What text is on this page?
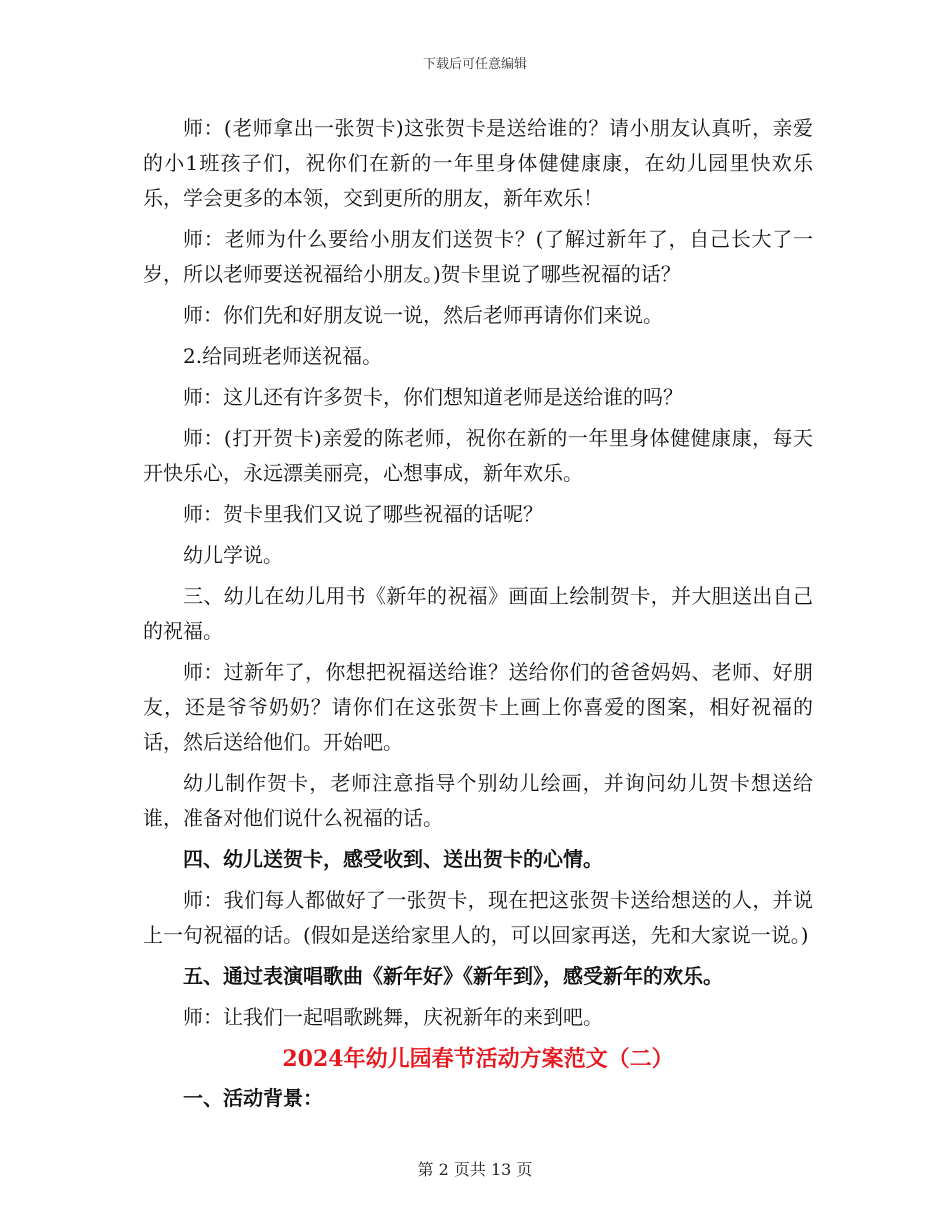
下载后可任意编辑

师：(老师拿出一张贺卡)这张贺卡是送给谁的？请小朋友认真听，亲爱的小1班孩子们，祝你们在新的一年里身体健健康康，在幼儿园里快欢乐乐，学会更多的本领，交到更所的朋友，新年欢乐！

师：老师为什么要给小朋友们送贺卡？(了解过新年了，自己长大了一岁，所以老师要送祝福给小朋友。)贺卡里说了哪些祝福的话？

师：你们先和好朋友说一说，然后老师再请你们来说。

2.给同班老师送祝福。

师：这儿还有许多贺卡，你们想知道老师是送给谁的吗？

师：(打开贺卡)亲爱的陈老师，祝你在新的一年里身体健健康康，每天开快乐心，永远漂美丽亮，心想事成，新年欢乐。

师：贺卡里我们又说了哪些祝福的话呢？

幼儿学说。

三、幼儿在幼儿用书《新年的祝福》画面上绘制贺卡，并大胆送出自己的祝福。

师：过新年了，你想把祝福送给谁？送给你们的爸爸妈妈、老师、好朋友，还是爷爷奶奶？请你们在这张贺卡上画上你喜爱的图案，相好祝福的话，然后送给他们。开始吧。

幼儿制作贺卡，老师注意指导个别幼儿绘画，并询问幼儿贺卡想送给谁，准备对他们说什么祝福的话。

四、幼儿送贺卡，感受收到、送出贺卡的心情。

师：我们每人都做好了一张贺卡，现在把这张贺卡送给想送的人，并说上一句祝福的话。(假如是送给家里人的，可以回家再送，先和大家说一说。)

五、通过表演唱歌曲《新年好》《新年到》，感受新年的欢乐。

师：让我们一起唱歌跳舞，庆祝新年的来到吧。

2024年幼儿园春节活动方案范文（二）

一、活动背景：

第 2 页共 13 页
